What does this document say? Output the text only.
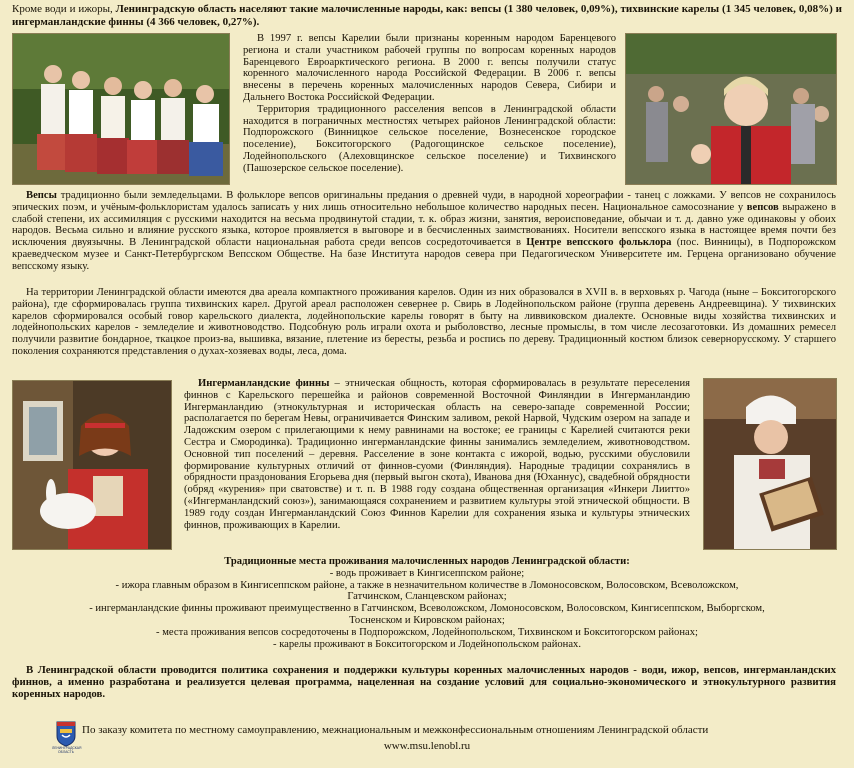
Кроме води и ижоры, Ленинградскую область населяют такие малочисленные народы, как: вепсы (1 380 человек, 0,09%), тихвинские карелы (1 345 человек, 0,08%) и ингерманландские финны (4 366 человек, 0,27%).
В 1997 г. вепсы Карелии были признаны коренным народом Баренцевого региона и стали участником рабочей группы по вопросам коренных народов Баренцевого Евроарктического региона. В 2000 г. вепсы получили статус коренного малочисленного народа Российской Федерации. В 2006 г. вепсы внесены в перечень коренных малочисленных народов Севера, Сибири и Дальнего Востока Российской Федерации.
Территория традиционного расселения вепсов в Ленинградской области находится в пограничных местностях четырех районов Ленинградской области: Подпорожского (Винницкое сельское поселение, Вознесенское городское поселение), Бокситогорского (Радогощинское сельское поселение), Лодейнопольского (Алеховщинское сельское поселение) и Тихвинского (Пашозерское сельское поселение).
Вепсы традиционно были земледельцами. В фольклоре вепсов оригинальны предания о древней чуди, в народной хореографии - танец с ложками. У вепсов не сохранилось эпических поэм, и учёным-фольклористам удалось записать у них лишь относительно небольшое количество народных песен. Национальное самосознание у вепсов выражено в слабой степени, их ассимиляция с русскими находится на весьма продвинутой стадии, т. к. образ жизни, занятия, вероисповедание, обычаи и т. д. давно уже одинаковы у обоих народов. Весьма сильно и влияние русского языка, которое проявляется в выговоре и в бесчисленных заимствованиях. Носители вепсского языка в настоящее время почти без исключения двуязычны. В Ленинградской области национальная работа среди вепсов сосредоточивается в Центре вепсского фольклора (пос. Винницы), в Подпорожском краеведческом музее и Санкт-Петербургском Вепсском Обществе. На базе Института народов севера при Педагогическом Университете им. Герцена организовано обучение вепсскому языку.
На территории Ленинградской области имеются два ареала компактного проживания карелов. Один из них образовался в XVII в. в верховьях р. Чагода (ныне – Бокситогорского района), где сформировалась группа тихвинских карел. Другой ареал расположен севернее р. Свирь в Лодейнопольском районе (группа деревень Андреевщина). У тихвинских карелов сформировался особый говор карельского диалекта, лодейнопольские карелы говорят в быту на ливвиковском диалекте. Основные виды хозяйства тихвинских и лодейнопольских карелов - земледелие и животноводство. Подсобную роль играли охота и рыболовство, лесные промыслы, в том числе лесозаготовки. Из домашних ремесел получили развитие бондарное, ткацкое произ-ва, вышивка, вязание, плетение из бересты, резьба и роспись по дереву. Традиционный костюм близок севернорусскому. У старшего поколения сохраняются представления о духах-хозяевах воды, леса, дома.
Ингерманландские финны – этническая общность, которая сформировалась в результате переселения финнов с Карельского перешейка и районов современной Восточной Финляндии в Ингерманландию Ингерманландию (этнокультурная и историческая область на северо-западе современной России; располагается по берегам Невы, ограничивается Финским заливом, рекой Нарвой, Чудским озером на западе и Ладожским озером с прилегающими к нему равнинами на востоке; ее границы с Карелией считаются реки Сестра и Смородинка). Традиционно ингерманландские финны занимались земледелием, животноводством. Основной тип поселений – деревня. Расселение в зоне контакта с ижорой, водью, русскими обусловили формирование культурных отличий от финнов-суоми (Финляндия). Народные традиции сохранялись в обрядности праздонования Егорьева дня (первый выгон скота), Иванова дня (Юханнус), свадебной обрядности (обряд «курения» при сватовстве) и т. п. В 1988 году создана общественная организация «Инкери Лиитто» («Ингерманландский союз»), занимающаяся сохранением и развитием культуры этой этнической общности. В 1989 году создан Ингерманландский Союз Финнов Карелии для сохранения языка и культуры этнических финнов, проживающих в Карелии.
Традиционные места проживания малочисленных народов Ленинградской области:
- водь проживает в Кингисеппском районе;
- ижора главным образом в Кингисеппском районе, а также в незначительном количестве в Ломоносовском, Волосовском, Всеволожском,
Гатчинском, Сланцевском районах;
- ингерманландские финны проживают преимущественно в Гатчинском, Всеволожском, Ломоносовском, Волосовском, Кингисеппском, Выборгском,
Тосненском и Кировском районах;
- места проживания вепсов сосредоточены в Подпорожском, Лодейнопольском, Тихвинском и Бокситогорском районах;
- карелы проживают в Бокситогорском и Лодейнопольском районах.
В Ленинградской области проводится политика сохранения и поддержки культуры коренных малочисленных народов - води, ижор, вепсов, ингерманландских финнов, а именно разработана и реализуется целевая программа, нацеленная на создание условий для социально-экономического и этнокультурного развития коренных народов.
ЛЕНИНГРАДСКАЯ ОБЛАСТЬ
По заказу комитета по местному самоуправлению, межнациональным и межконфессиональным отношениям Ленинградской области
www.msu.lenobl.ru
